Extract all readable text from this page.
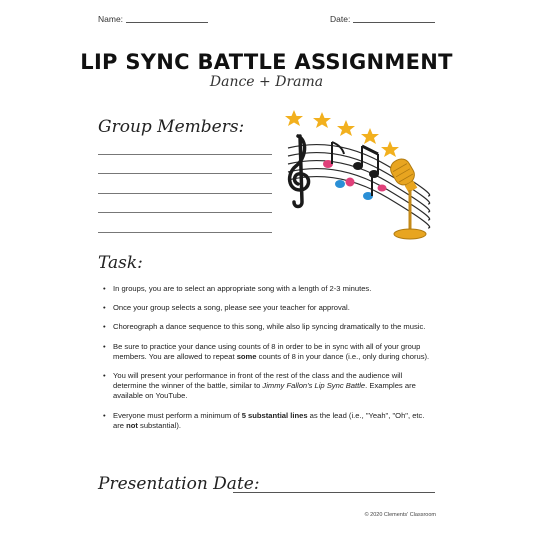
Name:	Date:
LIP SYNC BATTLE ASSIGNMENT
Dance + Drama
Group Members:
Task:
• In groups, you are to select an appropriate song with a length of 2-3 minutes.
• Once your group selects a song, please see your teacher for approval.
• Choreograph a dance sequence to this song, while also lip syncing dramatically to the music.
• Be sure to practice your dance using counts of 8 in order to be in sync with all of your group members. You are allowed to repeat some counts of 8 in your dance (i.e., only during chorus).
• You will present your performance in front of the rest of the class and the audience will determine the winner of the battle, similar to Jimmy Fallon's Lip Sync Battle. Examples are available on YouTube.
• Everyone must perform a minimum of 5 substantial lines as the lead (i.e., "Yeah", "Oh", etc. are not substantial).
Presentation Date:
© 2020 Clements' Classroom
